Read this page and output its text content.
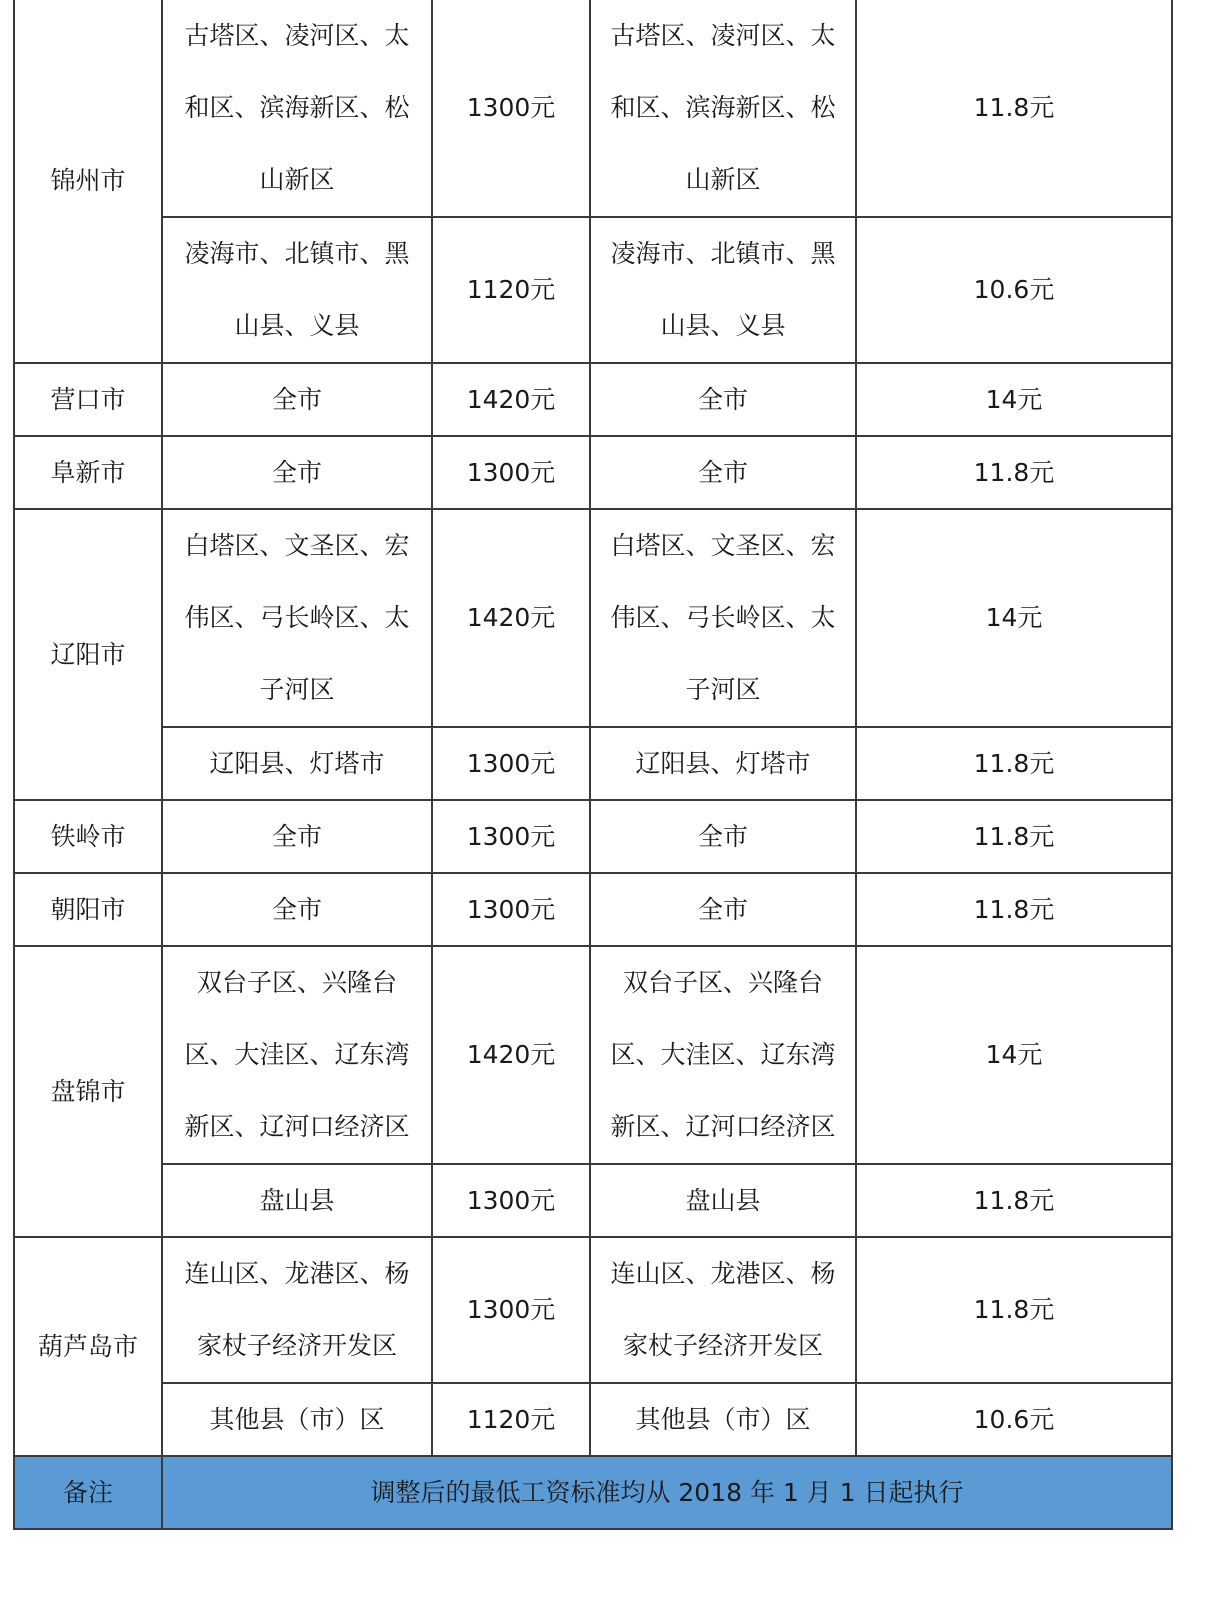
锦州市	古塔区、凌河区、太和区、滨海新区、松山新区	1300元	古塔区、凌河区、太和区、滨海新区、松山新区	11.8元
	凌海市、北镇市、黑山县、义县	1120元	凌海市、北镇市、黑山县、义县	10.6元
营口市	全市	1420元	全市	14元
阜新市	全市	1300元	全市	11.8元
辽阳市	白塔区、文圣区、宏伟区、弓长岭区、太子河区	1420元	白塔区、文圣区、宏伟区、弓长岭区、太子河区	14元
	辽阳县、灯塔市	1300元	辽阳县、灯塔市	11.8元
铁岭市	全市	1300元	全市	11.8元
朝阳市	全市	1300元	全市	11.8元
盘锦市	双台子区、兴隆台区、大洼区、辽东湾新区、辽河口经济区	1420元	双台子区、兴隆台区、大洼区、辽东湾新区、辽河口经济区	14元
	盘山县	1300元	盘山县	11.8元
葫芦岛市	连山区、龙港区、杨家杖子经济开发区	1300元	连山区、龙港区、杨家杖子经济开发区	11.8元
	其他县（市）区	1120元	其他县（市）区	10.6元
备注	调整后的最低工资标准均从 2018 年 1 月 1 日起执行			
